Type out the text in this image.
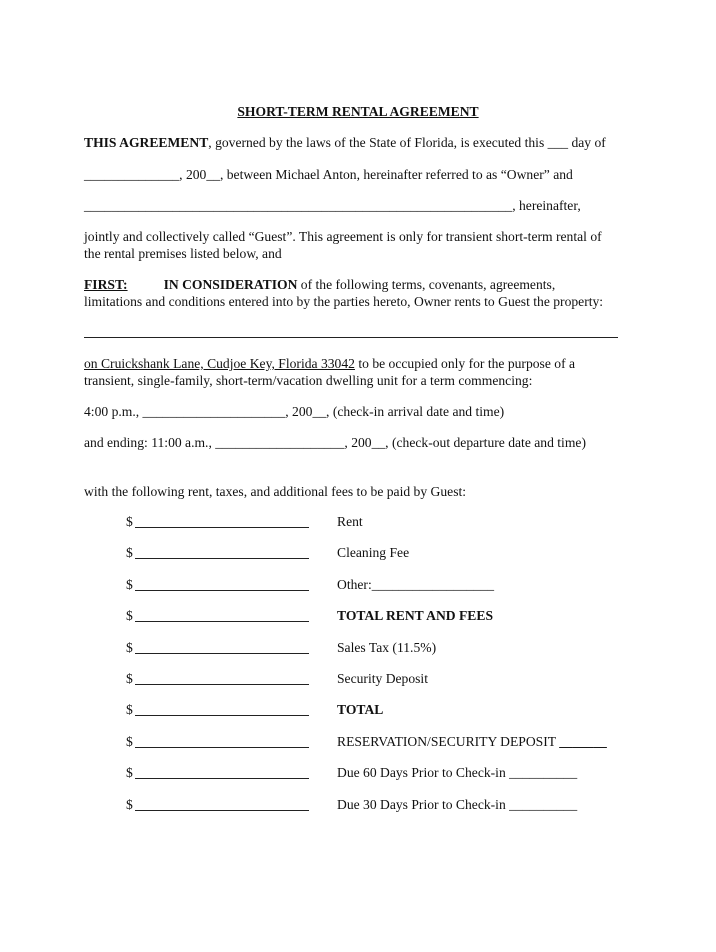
SHORT-TERM RENTAL AGREEMENT
THIS AGREEMENT, governed by the laws of the State of Florida, is executed this ___ day of
______________, 200__, between Michael Anton, hereinafter referred to as “Owner” and
_______________________________________________________________, hereinafter,
jointly and collectively called “Guest”. This agreement is only for transient short-term rental of
the rental premises listed below, and
FIRST:	IN CONSIDERATION of the following terms, covenants, agreements,
limitations and conditions entered into by the parties hereto, Owner rents to Guest the property:
on Cruickshank Lane, Cudjoe Key, Florida 33042 to be occupied only for the purpose of a
transient, single-family, short-term/vacation dwelling unit for a term commencing:
4:00 p.m., _____________________, 200__, (check-in arrival date and time)
and ending: 11:00 a.m., ___________________, 200__, (check-out departure date and time)
with the following rent, taxes, and additional fees to be paid by Guest:
$	Rent
$	Cleaning Fee
$	Other:__________________
$	TOTAL RENT AND FEES
$	Sales Tax (11.5%)
$	Security Deposit
$	TOTAL
$	RESERVATION/SECURITY DEPOSIT _______
$	Due 60 Days Prior to Check-in __________
$	Due 30 Days Prior to Check-in __________
